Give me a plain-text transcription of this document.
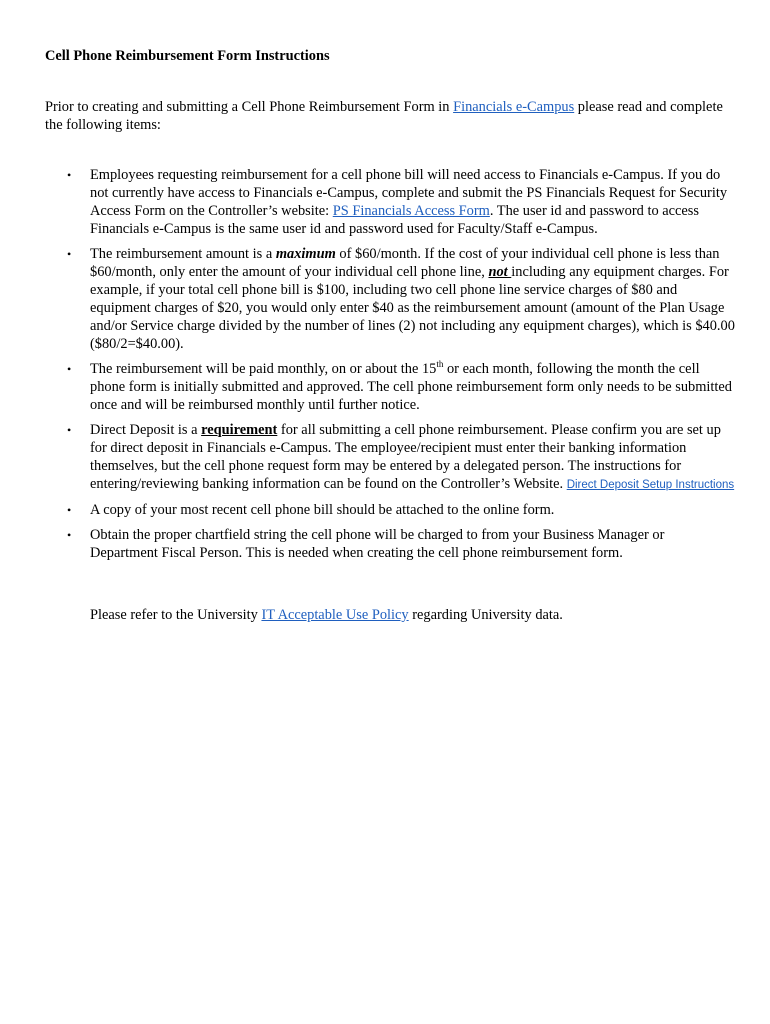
Cell Phone Reimbursement Form Instructions
Prior to creating and submitting a Cell Phone Reimbursement Form in Financials e-Campus please read and complete the following items:
• Employees requesting reimbursement for a cell phone bill will need access to Financials e-Campus. If you do not currently have access to Financials e-Campus, complete and submit the PS Financials Request for Security Access Form on the Controller’s website: PS Financials Access Form. The user id and password to access Financials e-Campus is the same user id and password used for Faculty/Staff e-Campus.
• The reimbursement amount is a maximum of $60/month. If the cost of your individual cell phone is less than $60/month, only enter the amount of your individual cell phone line, not including any equipment charges. For example, if your total cell phone bill is $100, including two cell phone line service charges of $80 and equipment charges of $20, you would only enter $40 as the reimbursement amount (amount of the Plan Usage and/or Service charge divided by the number of lines (2) not including any equipment charges), which is $40.00 ($80/2=$40.00).
• The reimbursement will be paid monthly, on or about the 15th or each month, following the month the cell phone form is initially submitted and approved. The cell phone reimbursement form only needs to be submitted once and will be reimbursed monthly until further notice.
• Direct Deposit is a requirement for all submitting a cell phone reimbursement. Please confirm you are set up for direct deposit in Financials e-Campus. The employee/recipient must enter their banking information themselves, but the cell phone request form may be entered by a delegated person. The instructions for entering/reviewing banking information can be found on the Controller’s Website. Direct Deposit Setup Instructions
• A copy of your most recent cell phone bill should be attached to the online form.
• Obtain the proper chartfield string the cell phone will be charged to from your Business Manager or Department Fiscal Person. This is needed when creating the cell phone reimbursement form.
Please refer to the University IT Acceptable Use Policy regarding University data.
